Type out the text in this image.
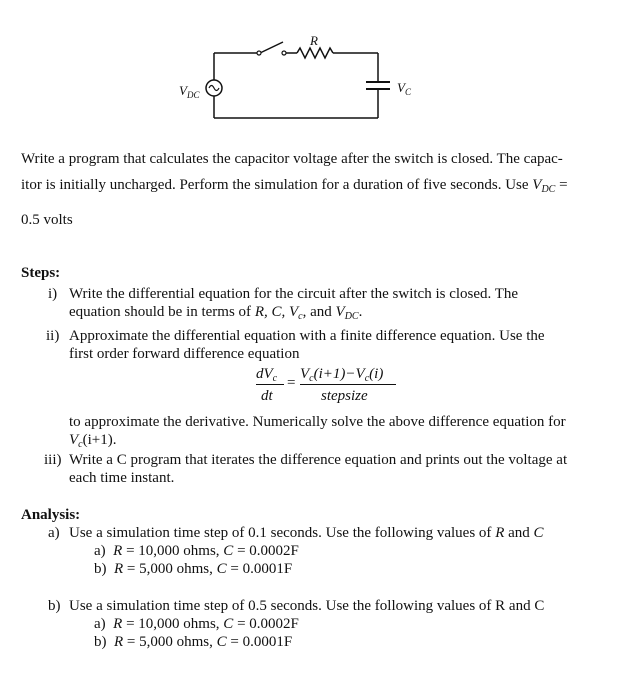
$V_{DC}$
R
$V_C$
Write a program that calculates the capacitor voltage after the switch is closed. The capac-
itor is initially uncharged. Perform the simulation for a duration of five seconds. Use $V_{DC}$ =
0.5 volts
Steps:
i) Write the differential equation for the circuit after the switch is closed. The
equation should be in terms of R, C, $V_c$, and $V_{DC}$.
ii) Approximate the differential equation with a finite difference equation. Use the
first order forward difference equation
$dV_c$ =
$V_c(i+1)-V_c(i)$
dt	stepsize
to approximate the derivative. Numerically solve the above difference equation for
$V_c(i+1)$.
iii) Write a C program that iterates the difference equation and prints out the voltage at
each time instant.
Analysis:
a) Use a simulation time step of 0.1 seconds. Use the following values of R and C
a) R = 10,000 ohms, C = 0.0002F
b) R = 5,000 ohms, C = 0.0001F
b) Use a simulation time step of 0.5 seconds. Use the following values of R and C
a) R = 10,000 ohms, C = 0.0002F
b) R = 5,000 ohms, C = 0.0001F
